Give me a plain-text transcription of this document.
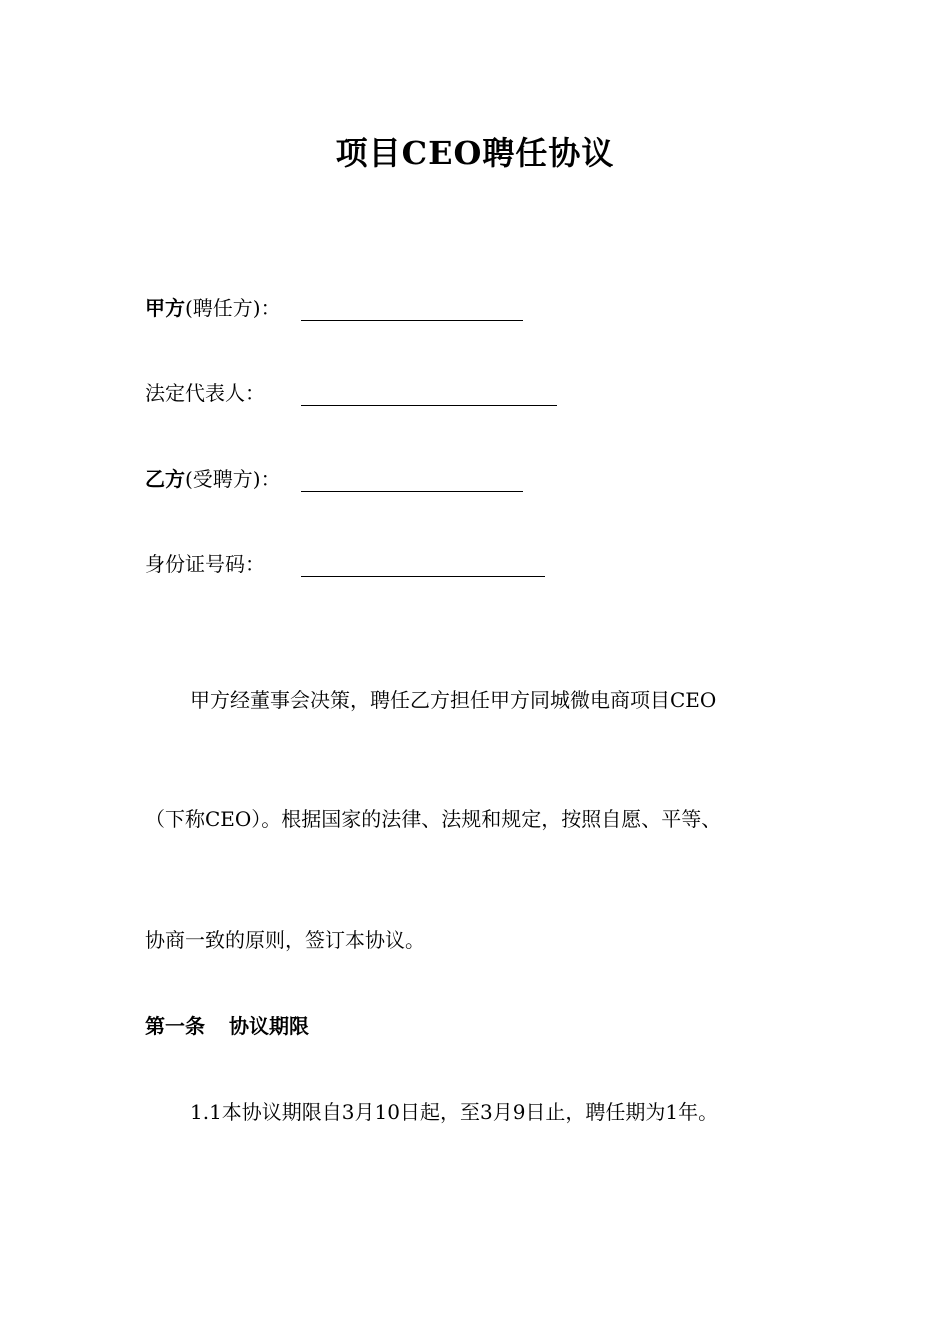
项目CEO聘任协议
甲方(聘任方)：
法定代表人：
乙方(受聘方)：
身份证号码：
甲方经董事会决策，聘任乙方担任甲方同城微电商项目CEO
（下称CEO）。根据国家的法律、法规和规定，按照自愿、平等、
协商一致的原则，签订本协议。
第一条 协议期限
1.1本协议期限自3月10日起，至3月9日止，聘任期为1年。
